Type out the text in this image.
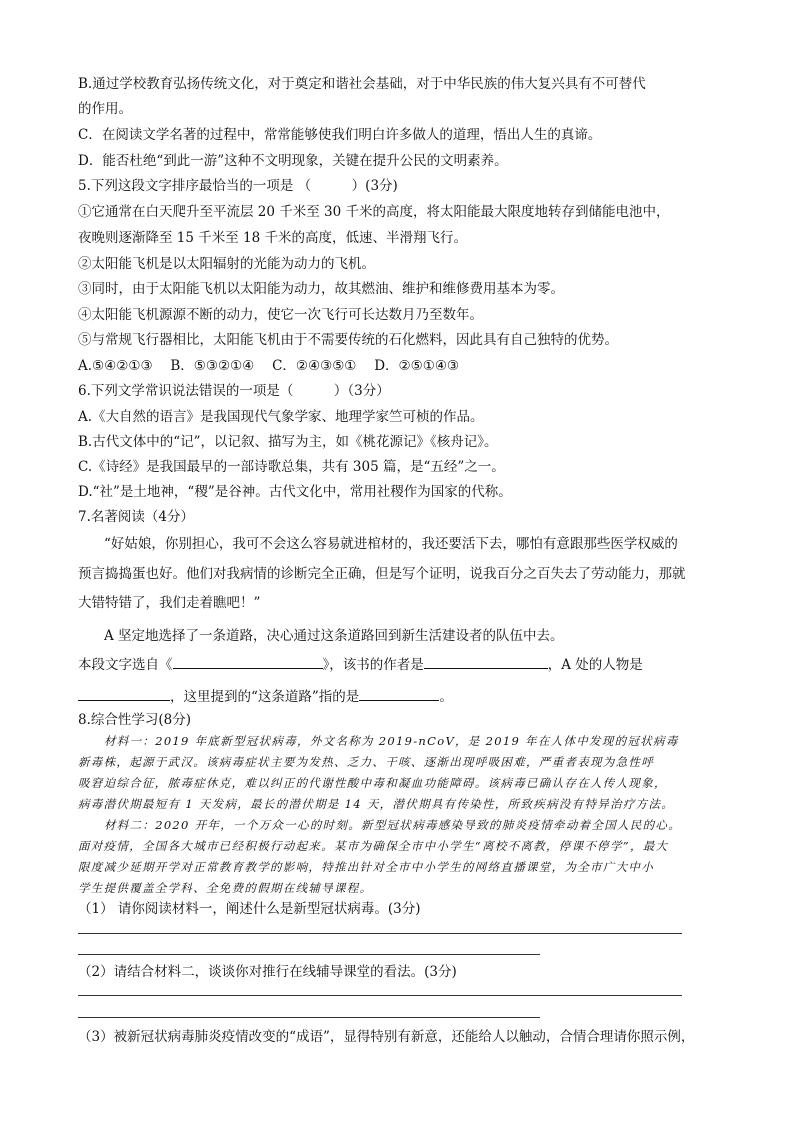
B.通过学校教育弘扬传统文化，对于奠定和谐社会基础，对于中华民族的伟大复兴具有不可替代
的作用。
C．在阅读文学名著的过程中，常常能够使我们明白许多做人的道理，悟出人生的真谛。
D．能否杜绝“到此一游”这种不文明现象，关键在提升公民的文明素养。
5.下列这段文字排序最恰当的一项是 （　　　）(3分)
①它通常在白天爬升至平流层 20 千米至 30 千米的高度，将太阳能最大限度地转存到储能电池中，
夜晚则逐渐降至 15 千米至 18 千米的高度，低速、半滑翔飞行。
②太阳能飞机是以太阳辐射的光能为动力的飞机。
③同时，由于太阳能飞机以太阳能为动力，故其燃油、维护和维修费用基本为零。
④太阳能飞机源源不断的动力，使它一次飞行可长达数月乃至数年。
⑤与常规飞行器相比，太阳能飞机由于不需要传统的石化燃料，因此具有自己独特的优势。
A.⑤④②①③　 B．⑤③②①④　 C．②④③⑤①　 D．②⑤①④③
6.下列文学常识说法错误的一项是（　　　）（3分）
A.《大自然的语言》是我国现代气象学家、地理学家竺可桢的作品。
B.古代文体中的“记”，以记叙、描写为主，如《桃花源记》《核舟记》。
C.《诗经》是我国最早的一部诗歌总集，共有 305 篇，是“五经”之一。
D.“社”是土地神，“稷”是谷神。古代文化中，常用社稷作为国家的代称。
7.名著阅读（4分）
“好姑娘，你别担心，我可不会这么容易就进棺材的，我还要活下去，哪怕有意跟那些医学权威的
预言捣捣蛋也好。他们对我病情的诊断完全正确，但是写个证明，说我百分之百失去了劳动能力，那就
大错特错了，我们走着瞧吧！”
A 坚定地选择了一条道路，决心通过这条道路回到新生活建设者的队伍中去。
本段文字选自《	》，该书的作者是	，A 处的人物是
，这里提到的“这条道路”指的是	。
8.综合性学习(8分)
材料一：2019 年底新型冠状病毒，外文名称为 2019-nCoV，是 2019 年在人体中发现的冠状病毒
新毒株，起源于武汉。该病毒症状主要为发热、乏力、干咳、逐渐出现呼吸困难，严重者表现为急性呼
吸窘迫综合征，脓毒症休克，难以纠正的代谢性酸中毒和凝血功能障碍。该病毒已确认存在人传人现象，
病毒潜伏期最短有 1 天发病，最长的潜伏期是 14 天，潜伏期具有传染性，所致疾病没有特异治疗方法。
材料二：2020 开年，一个万众一心的时刻。新型冠状病毒感染导致的肺炎疫情牵动着全国人民的心。
面对疫情，全国各大城市已经积极行动起来。某市为确保全市中小学生“离校不离教，停课不停学”，最大
限度减少延期开学对正常教育教学的影响，特推出针对全市中小学生的网络直播课堂，为全市广大中小
学生提供覆盖全学科、全免费的假期在线辅导课程。
（1） 请你阅读材料一，阐述什么是新型冠状病毒。(3分)
（2）请结合材料二，谈谈你对推行在线辅导课堂的看法。(3分)
（3）被新冠状病毒肺炎疫情改变的“成语”，显得特别有新意，还能给人以触动，合情合理请你照示例，
